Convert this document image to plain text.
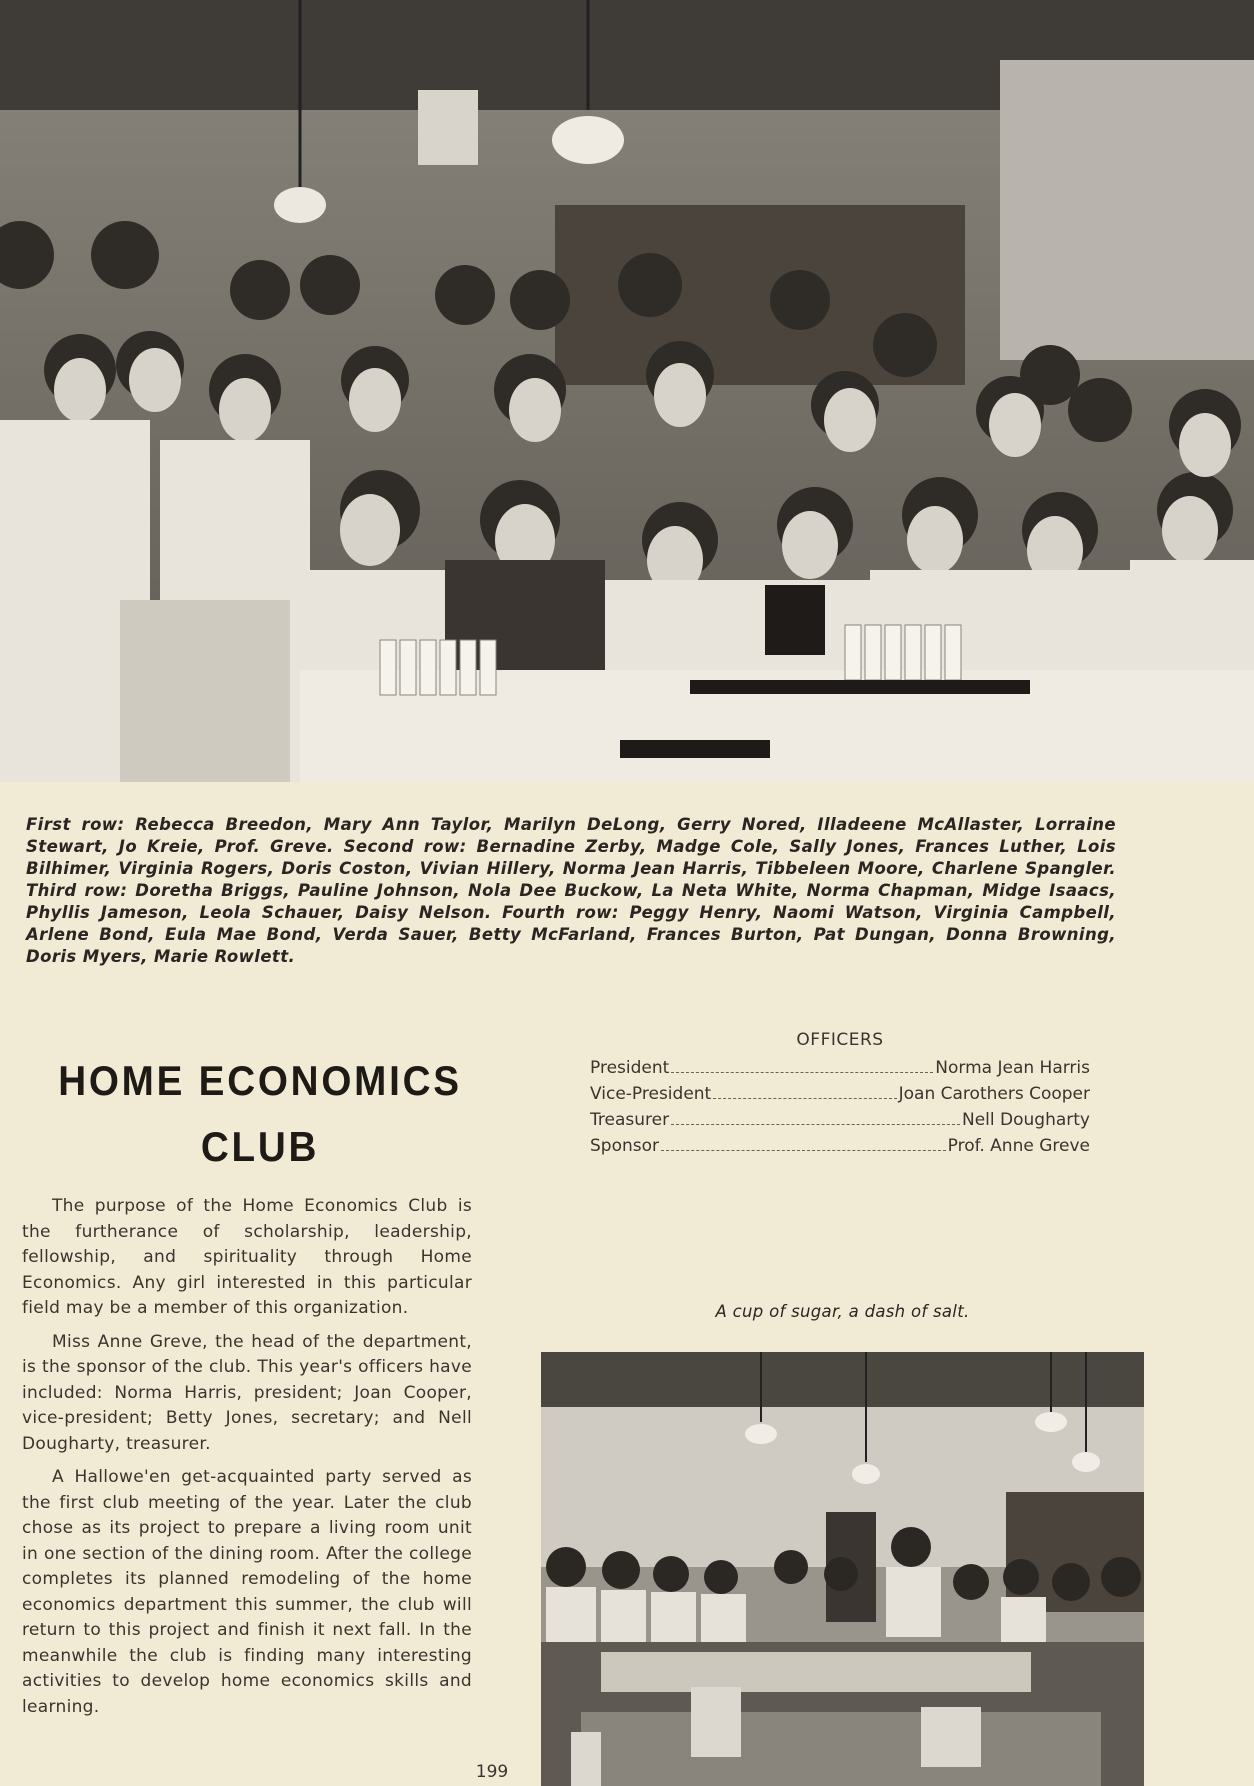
First row: Rebecca Breedon, Mary Ann Taylor, Marilyn DeLong, Gerry Nored, Illadeene McAllaster, Lorraine Stewart, Jo Kreie, Prof. Greve. Second row: Bernadine Zerby, Madge Cole, Sally Jones, Frances Luther, Lois Bilhimer, Virginia Rogers, Doris Coston, Vivian Hillery, Norma Jean Harris, Tibbeleen Moore, Charlene Spangler. Third row: Doretha Briggs, Pauline Johnson, Nola Dee Buckow, La Neta White, Norma Chapman, Midge Isaacs, Phyllis Jameson, Leola Schauer, Daisy Nelson. Fourth row: Peggy Henry, Naomi Watson, Virginia Campbell, Arlene Bond, Eula Mae Bond, Verda Sauer, Betty McFarland, Frances Burton, Pat Dungan, Donna Browning, Doris Myers, Marie Rowlett.
HOME ECONOMICS
CLUB
OFFICERS
President	Norma Jean Harris
Vice-President	Joan Carothers Cooper
Treasurer	Nell Dougharty
Sponsor	Prof. Anne Greve

The purpose of the Home Economics Club is the furtherance of scholarship, leadership, fellowship, and spirituality through Home Economics. Any girl interested in this particular field may be a member of this organization.

Miss Anne Greve, the head of the department, is the sponsor of the club. This year's officers have included: Norma Harris, president; Joan Cooper, vice-president; Betty Jones, secretary; and Nell Dougharty, treasurer.

A Hallowe'en get-acquainted party served as the first club meeting of the year. Later the club chose as its project to prepare a living room unit in one section of the dining room. After the college completes its planned remodeling of the home economics department this summer, the club will return to this project and finish it next fall. In the meanwhile the club is finding many interesting activities to develop home economics skills and learning.

A cup of sugar, a dash of salt.
199
